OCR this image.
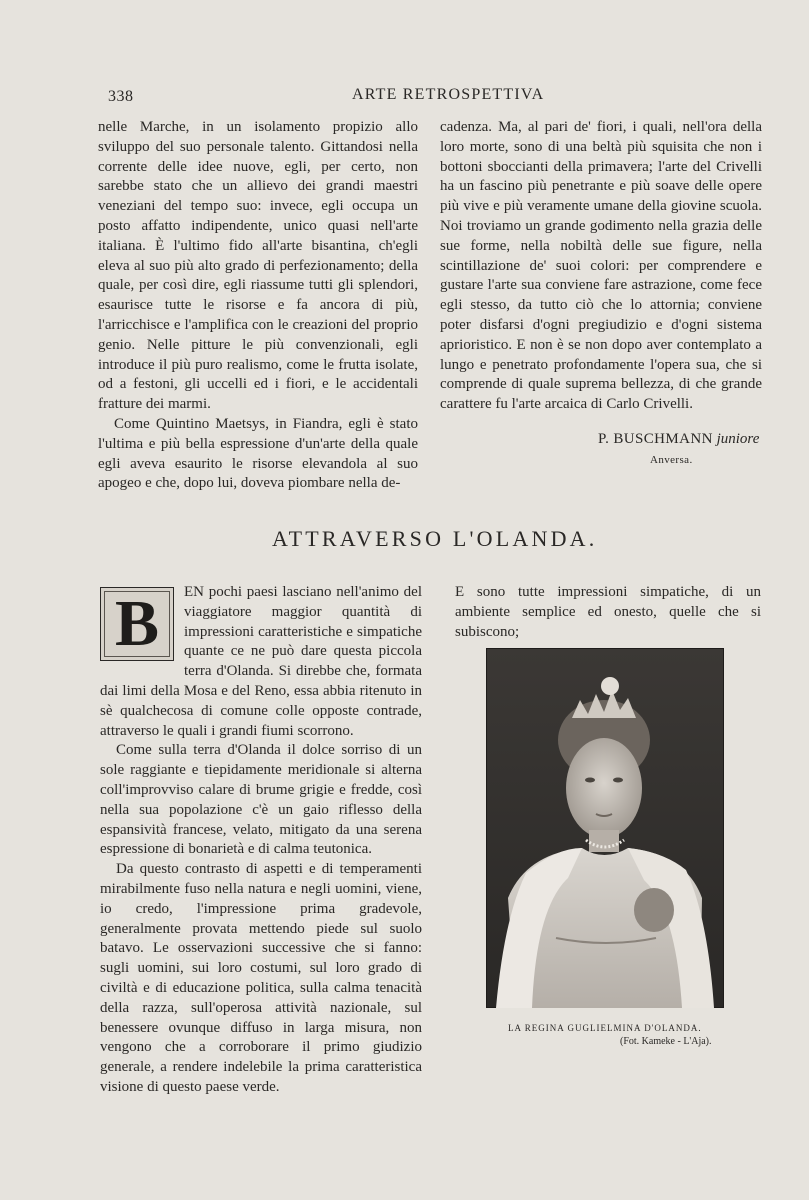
338	ARTE RETROSPETTIVA

nelle Marche, in un isolamento propizio allo sviluppo del suo personale talento. Gittandosi nella corrente delle idee nuove, egli, per certo, non sarebbe stato che un allievo dei grandi maestri veneziani del tempo suo: invece, egli occupa un posto affatto indipendente, unico quasi nell'arte italiana. È l'ultimo fido all'arte bisantina, ch'egli eleva al suo più alto grado di perfezionamento; della quale, per così dire, egli riassume tutti gli splendori, esaurisce tutte le risorse e fa ancora di più, l'arricchisce e l'amplifica con le creazioni del proprio genio. Nelle pitture le più convenzionali, egli introduce il più puro realismo, come le frutta isolate, od a festoni, gli uccelli ed i fiori, e le accidentali fratture dei marmi.

Come Quintino Maetsys, in Fiandra, egli è stato l'ultima e più bella espressione d'un'arte della quale egli aveva esaurito le risorse elevandola al suo apogeo e che, dopo lui, doveva piombare nella de-

cadenza. Ma, al pari de' fiori, i quali, nell'ora della loro morte, sono di una beltà più squisita che non i bottoni sboccianti della primavera; l'arte del Crivelli ha un fascino più penetrante e più soave delle opere più vive e più veramente umane della giovine scuola. Noi troviamo un grande godimento nella grazia delle sue forme, nella nobiltà delle sue figure, nella scintillazione de' suoi colori: per comprendere e gustare l'arte sua conviene fare astrazione, come fece egli stesso, da tutto ciò che lo attornia; conviene poter disfarsi d'ogni pregiudizio e d'ogni sistema aprioristico. E non è se non dopo aver contemplato a lungo e penetrato profondamente l'opera sua, che si comprende di quale suprema bellezza, di che grande carattere fu l'arte arcaica di Carlo Crivelli.

P. BUSCHMANN juniore
Anversa.
ATTRAVERSO L'OLANDA.
B	EN pochi paesi lasciano nell'animo del viaggiatore maggior quantità di impressioni caratteristiche e simpatiche quante ce ne può dare questa piccola terra d'Olanda. Si direbbe che, formata dai limi della Mosa e del Reno, essa abbia ritenuto in sè qualchecosa di comune colle opposte contrade, attraverso le quali i grandi fiumi scorrono.

Come sulla terra d'Olanda il dolce sorriso di un sole raggiante e tiepidamente meridionale si alterna coll'improvviso calare di brume grigie e fredde, così nella sua popolazione c'è un gaio riflesso della espansività francese, velato, mitigato da una serena espressione di bonarietà e di calma teutonica.

Da questo contrasto di aspetti e di temperamenti mirabilmente fuso nella natura e negli uomini, viene, io credo, l'impressione prima gradevole, generalmente provata mettendo piede sul suolo batavo. Le osservazioni successive che si fanno: sugli uomini, sui loro costumi, sul loro grado di civiltà e di educazione politica, sulla calma tenacità della razza, sull'operosa attività nazionale, sul benessere ovunque diffuso in larga misura, non vengono che a corroborare il primo giudizio generale, a rendere indelebile la prima caratteristica visione di questo paese verde.

E sono tutte impressioni simpatiche, di un ambiente semplice ed onesto, quelle che si subiscono;

LA REGINA GUGLIELMINA D'OLANDA.
(Fot. Kameke - L'Aja).
